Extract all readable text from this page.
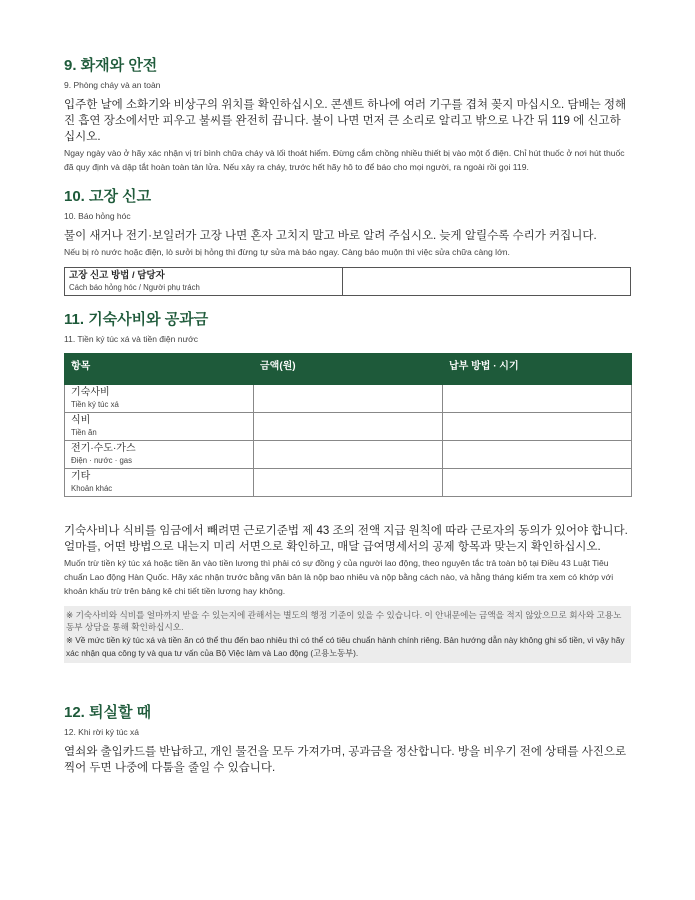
9. 화재와 안전
9. Phòng cháy và an toàn
입주한 날에 소화기와 비상구의 위치를 확인하십시오. 콘센트 하나에 여러 기구를 겹쳐 꽂지 마십시오. 담배는 정해진 흡연 장소에서만 피우고 불씨를 완전히 끕니다. 불이 나면 먼저 큰 소리로 알리고 밖으로 나간 뒤 119 에 신고하십시오.
Ngay ngày vào ở hãy xác nhận vị trí bình chữa cháy và lối thoát hiểm. Đừng cắm chồng nhiều thiết bị vào một ổ điện. Chỉ hút thuốc ở nơi hút thuốc đã quy định và dập tắt hoàn toàn tàn lửa. Nếu xảy ra cháy, trước hết hãy hô to để báo cho mọi người, ra ngoài rồi gọi 119.
10. 고장 신고
10. Báo hỏng hóc
물이 새거나 전기·보일러가 고장 나면 혼자 고치지 말고 바로 알려 주십시오. 늦게 알릴수록 수리가 커집니다.
Nếu bị rò nước hoặc điện, lò sưởi bị hỏng thì đừng tự sửa mà báo ngay. Càng báo muộn thì việc sửa chữa càng lớn.
고장 신고 방법 / 담당자
Cách báo hỏng hóc / Người phụ trách
11. 기숙사비와 공과금
11. Tiền ký túc xá và tiền điện nước
항목	금액(원)	납부 방법 · 시기

기숙사비
Tiền ký túc xá		

식비
Tiền ăn		

전기·수도·가스
Điện · nước · gas		

기타
Khoản khác		

기숙사비나 식비를 임금에서 빼려면 근로기준법 제 43 조의 전액 지급 원칙에 따라 근로자의 동의가 있어야 합니다. 얼마를, 어떤 방법으로 내는지 미리 서면으로 확인하고, 매달 급여명세서의 공제 항목과 맞는지 확인하십시오.
Muốn trừ tiền ký túc xá hoặc tiền ăn vào tiền lương thì phải có sự đồng ý của người lao động, theo nguyên tắc trả toàn bộ tại Điều 43 Luật Tiêu chuẩn Lao động Hàn Quốc. Hãy xác nhận trước bằng văn bản là nộp bao nhiêu và nộp bằng cách nào, và hằng tháng kiểm tra xem có khớp với khoản khấu trừ trên bảng kê chi tiết tiền lương hay không.
※ 기숙사비와 식비를 얼마까지 받을 수 있는지에 관해서는 별도의 행정 기준이 있을 수 있습니다. 이 안내문에는 금액을 적지 않았으므로 회사와 고용노동부 상담을 통해 확인하십시오.
※ Về mức tiền ký túc xá và tiền ăn có thể thu đến bao nhiêu thì có thể có tiêu chuẩn hành chính riêng. Bản hướng dẫn này không ghi số tiền, vì vậy hãy xác nhận qua công ty và qua tư vấn của Bộ Việc làm và Lao động (고용노동부).
12. 퇴실할 때
12. Khi rời ký túc xá
열쇠와 출입카드를 반납하고, 개인 물건을 모두 가져가며, 공과금을 정산합니다. 방을 비우기 전에 상태를 사진으로 찍어 두면 나중에 다툼을 줄일 수 있습니다.
